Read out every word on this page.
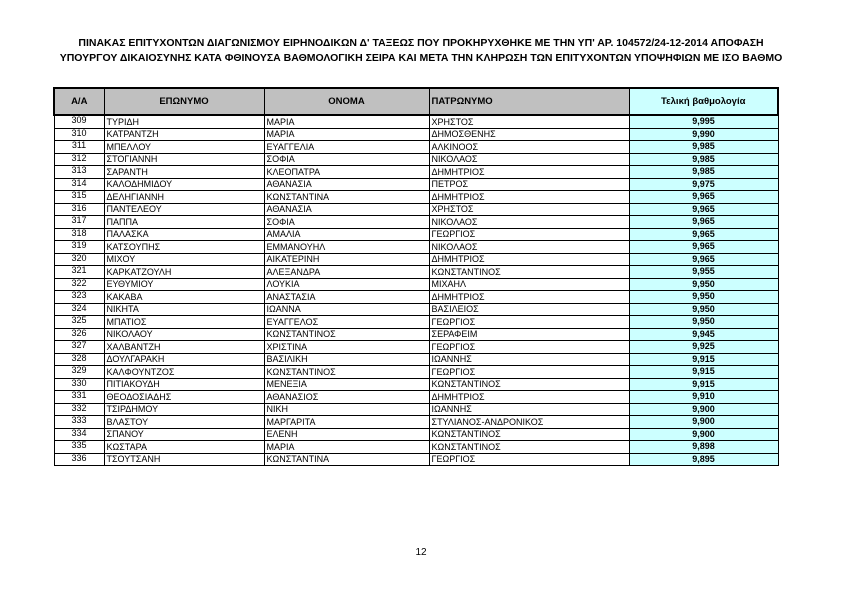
ΠΙΝΑΚΑΣ ΕΠΙΤΥΧΟΝΤΩΝ ΔΙΑΓΩΝΙΣΜΟΥ ΕΙΡΗΝΟΔΙΚΩΝ Δ' ΤΑΞΕΩΣ ΠΟΥ ΠΡΟΚΗΡΥΧΘΗΚΕ ΜΕ ΤΗΝ ΥΠ' ΑΡ. 104572/24-12-2014 ΑΠΟΦΑΣΗ
ΥΠΟΥΡΓΟΥ ΔΙΚΑΙΟΣΥΝΗΣ ΚΑΤΑ ΦΘΙΝΟΥΣΑ ΒΑΘΜΟΛΟΓΙΚΗ ΣΕΙΡΑ ΚΑΙ ΜΕΤΑ ΤΗΝ ΚΛΗΡΩΣΗ ΤΩΝ ΕΠΙΤΥΧΟΝΤΩΝ ΥΠΟΨΗΦΙΩΝ ΜΕ ΙΣΟ ΒΑΘΜΟ
Α/Α	ΕΠΩΝΥΜΟ	ΟΝΟΜΑ	ΠΑΤΡΩΝΥΜΟ	Τελική βαθμολογία
309	ΤΥΡΙΔΗ	ΜΑΡΙΑ	ΧΡΗΣΤΟΣ	9,995
310	ΚΑΤΡΑΝΤΖΗ	ΜΑΡΙΑ	ΔΗΜΟΣΘΕΝΗΣ	9,990
311	ΜΠΕΛΛΟΥ	ΕΥΑΓΓΕΛΙΑ	ΑΛΚΙΝΟΟΣ	9,985
312	ΣΤΟΓΙΑΝΝΗ	ΣΟΦΙΑ	ΝΙΚΟΛΑΟΣ	9,985
313	ΣΑΡΑΝΤΗ	ΚΛΕΟΠΑΤΡΑ	ΔΗΜΗΤΡΙΟΣ	9,985
314	ΚΑΛΟΔΗΜΙΔΟΥ	ΑΘΑΝΑΣΙΑ	ΠΕΤΡΟΣ	9,975
315	ΔΕΛΗΓΙΑΝΝΗ	ΚΩΝΣΤΑΝΤΙΝΑ	ΔΗΜΗΤΡΙΟΣ	9,965
316	ΠΑΝΤΕΛΕΟΥ	ΑΘΑΝΑΣΙΑ	ΧΡΗΣΤΟΣ	9,965
317	ΠΑΠΠΑ	ΣΟΦΙΑ	ΝΙΚΟΛΑΟΣ	9,965
318	ΠΑΛΑΣΚΑ	ΑΜΑΛΙΑ	ΓΕΩΡΓΙΟΣ	9,965
319	ΚΑΤΣΟΥΠΗΣ	ΕΜΜΑΝΟΥΗΛ	ΝΙΚΟΛΑΟΣ	9,965
320	ΜΙΧΟΥ	ΑΙΚΑΤΕΡΙΝΗ	ΔΗΜΗΤΡΙΟΣ	9,965
321	ΚΑΡΚΑΤΖΟΥΛΗ	ΑΛΕΞΑΝΔΡΑ	ΚΩΝΣΤΑΝΤΙΝΟΣ	9,955
322	ΕΥΘΥΜΙΟΥ	ΛΟΥΚΙΑ	ΜΙΧΑΗΛ	9,950
323	ΚΑΚΑΒΑ	ΑΝΑΣΤΑΣΙΑ	ΔΗΜΗΤΡΙΟΣ	9,950
324	ΝΙΚΗΤΑ	ΙΩΑΝΝΑ	ΒΑΣΙΛΕΙΟΣ	9,950
325	ΜΠΑΤΙΟΣ	ΕΥΑΓΓΕΛΟΣ	ΓΕΩΡΓΙΟΣ	9,950
326	ΝΙΚΟΛΑΟΥ	ΚΩΝΣΤΑΝΤΙΝΟΣ	ΣΕΡΑΦΕΙΜ	9,945
327	ΧΑΛΒΑΝΤΖΗ	ΧΡΙΣΤΙΝΑ	ΓΕΩΡΓΙΟΣ	9,925
328	ΔΟΥΛΓΑΡΑΚΗ	ΒΑΣΙΛΙΚΗ	ΙΩΑΝΝΗΣ	9,915
329	ΚΑΛΦΟΥΝΤΖΟΣ	ΚΩΝΣΤΑΝΤΙΝΟΣ	ΓΕΩΡΓΙΟΣ	9,915
330	ΠΙΤΙΑΚΟΥΔΗ	ΜΕΝΕΞΙΑ	ΚΩΝΣΤΑΝΤΙΝΟΣ	9,915
331	ΘΕΟΔΟΣΙΑΔΗΣ	ΑΘΑΝΑΣΙΟΣ	ΔΗΜΗΤΡΙΟΣ	9,910
332	ΤΣΙΡΔΗΜΟΥ	ΝΙΚΗ	ΙΩΑΝΝΗΣ	9,900
333	ΒΛΑΣΤΟΥ	ΜΑΡΓΑΡΙΤΑ	ΣΤΥΛΙΑΝΟΣ-ΑΝΔΡΟΝΙΚΟΣ	9,900
334	ΣΠΑΝΟΥ	ΕΛΕΝΗ	ΚΩΝΣΤΑΝΤΙΝΟΣ	9,900
335	ΚΩΣΤΑΡΑ	ΜΑΡΙΑ	ΚΩΝΣΤΑΝΤΙΝΟΣ	9,898
336	ΤΣΟΥΤΣΑΝΗ	ΚΩΝΣΤΑΝΤΙΝΑ	ΓΕΩΡΓΙΟΣ	9,895
12
